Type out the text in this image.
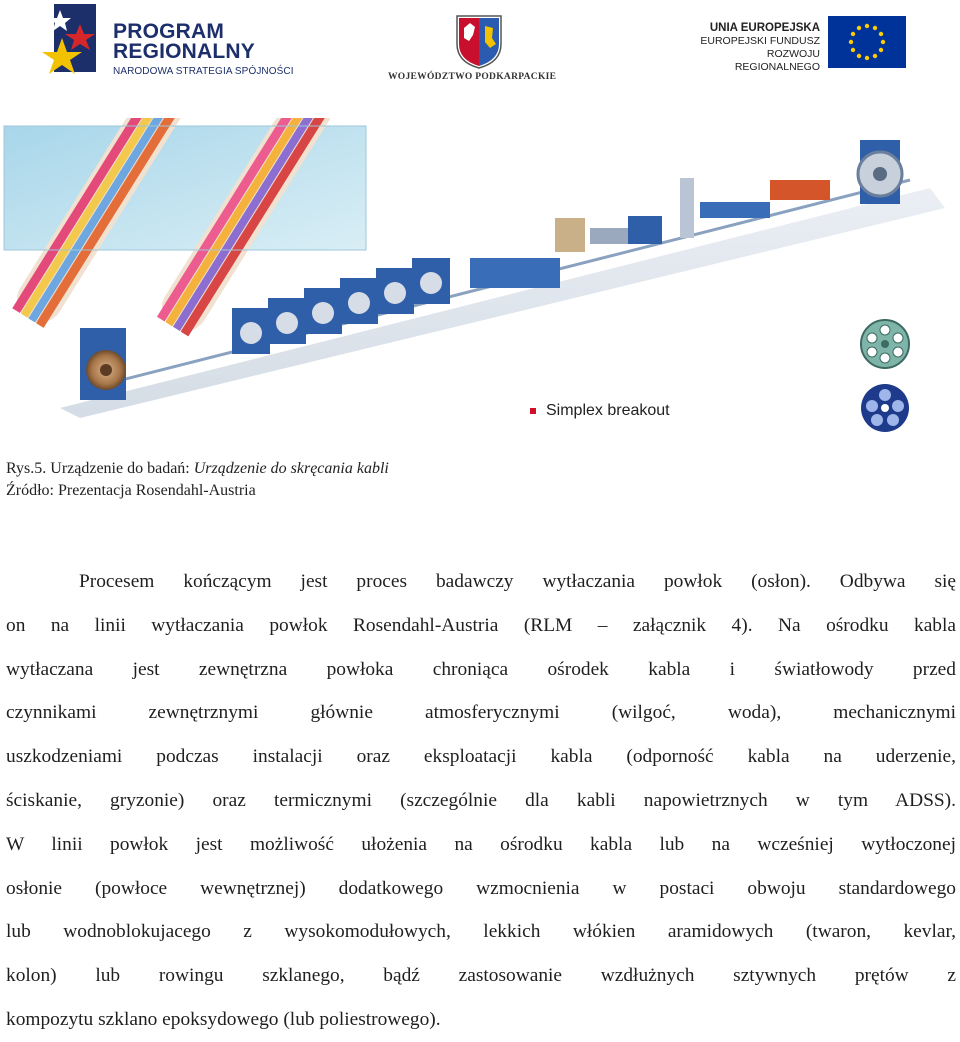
PROGRAM
REGIONALNY
NARODOWA STRATEGIA SPÓJNOŚCI	WOJEWÓDZTWO PODKARPACKIE
UNIA EUROPEJSKA
EUROPEJSKI FUNDUSZ
ROZWOJU REGIONALNEGO
Simplex breakout
Rys.5. Urządzenie do badań: Urządzenie do skręcania kabli
Źródło: Prezentacja Rosendahl-Austria
Procesem kończącym jest proces badawczy wytłaczania powłok (osłon). Odbywa się
on na linii wytłaczania powłok Rosendahl-Austria (RLM – załącznik 4). Na ośrodku kabla
wytłaczana jest zewnętrzna powłoka chroniąca ośrodek kabla i światłowody przed
czynnikami zewnętrznymi głównie atmosferycznymi (wilgoć, woda), mechanicznymi
uszkodzeniami podczas instalacji oraz eksploatacji kabla (odporność kabla na uderzenie,
ściskanie, gryzonie) oraz termicznymi (szczególnie dla kabli napowietrznych w tym ADSS).
W linii powłok jest możliwość ułożenia na ośrodku kabla lub na wcześniej wytłoczonej
osłonie (powłoce wewnętrznej) dodatkowego wzmocnienia w postaci obwoju standardowego
lub wodnoblokujacego z wysokomodułowych, lekkich włókien aramidowych (twaron, kevlar,
kolon) lub rowingu szklanego, bądź zastosowanie wzdłużnych sztywnych prętów z
kompozytu szklano epoksydowego (lub poliestrowego).
